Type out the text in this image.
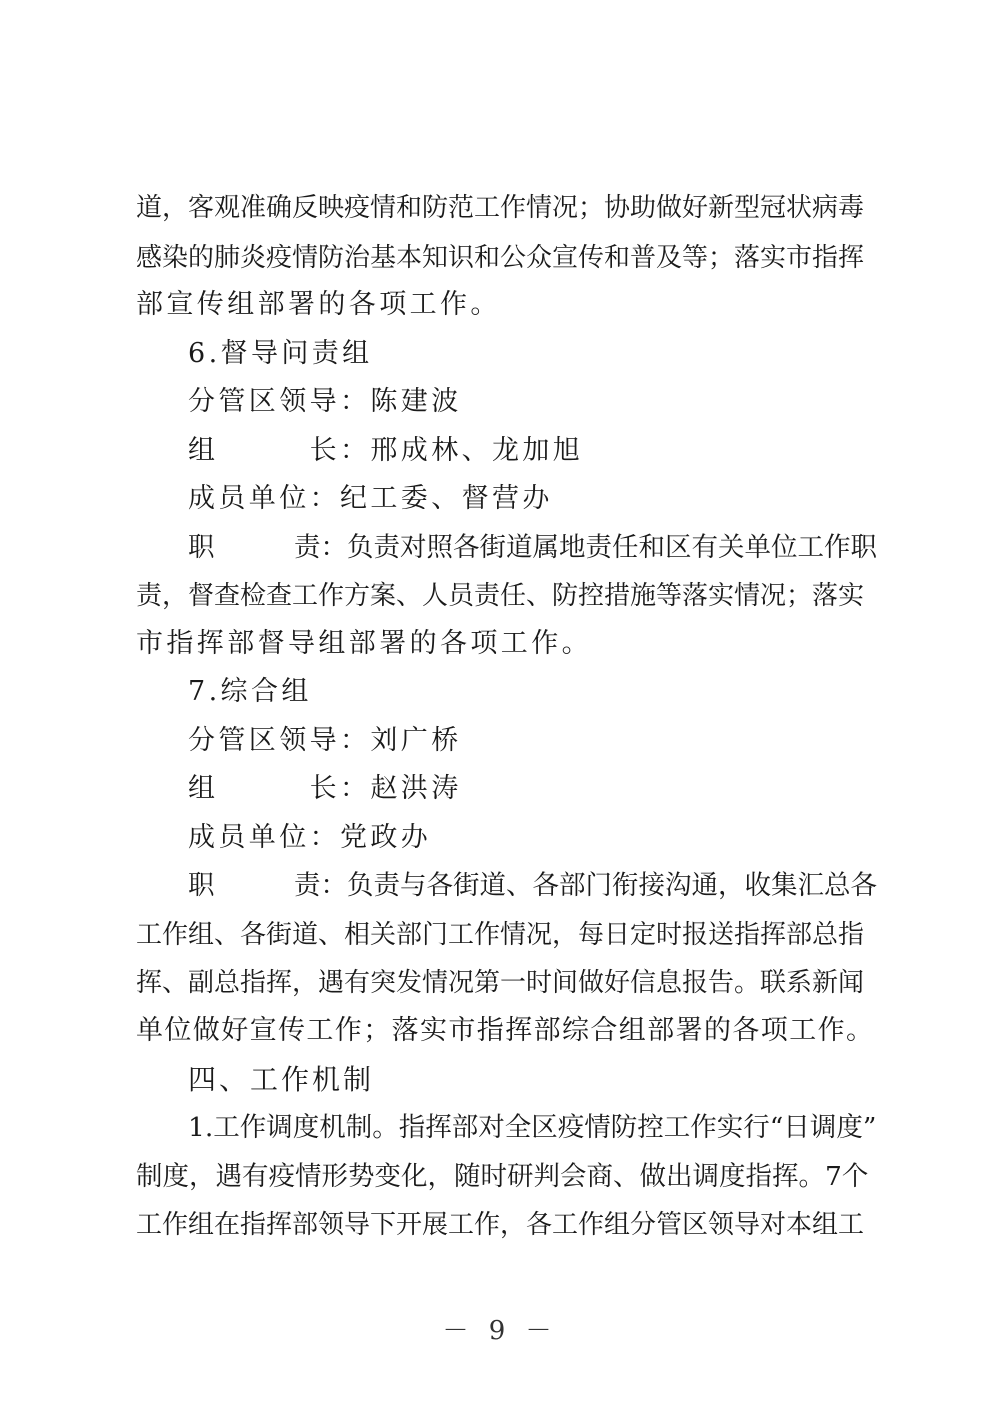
道，客观准确反映疫情和防范工作情况；协助做好新型冠状病毒
感染的肺炎疫情防治基本知识和公众宣传和普及等；落实市指挥
部宣传组部署的各项工作。
6.督导问责组
分管区领导：陈建波
组　　　长：邢成林、龙加旭
成员单位：纪工委、督营办
职　　　责：负责对照各街道属地责任和区有关单位工作职
责，督查检查工作方案、人员责任、防控措施等落实情况；落实
市指挥部督导组部署的各项工作。
7.综合组
分管区领导：刘广桥
组　　　长：赵洪涛
成员单位：党政办
职　　　责：负责与各街道、各部门衔接沟通，收集汇总各
工作组、各街道、相关部门工作情况，每日定时报送指挥部总指
挥、副总指挥，遇有突发情况第一时间做好信息报告。联系新闻
单位做好宣传工作；落实市指挥部综合组部署的各项工作。
四、工作机制
1.工作调度机制。指挥部对全区疫情防控工作实行“日调度”
制度，遇有疫情形势变化，随时研判会商、做出调度指挥。7个
工作组在指挥部领导下开展工作，各工作组分管区领导对本组工
－ 9 －
